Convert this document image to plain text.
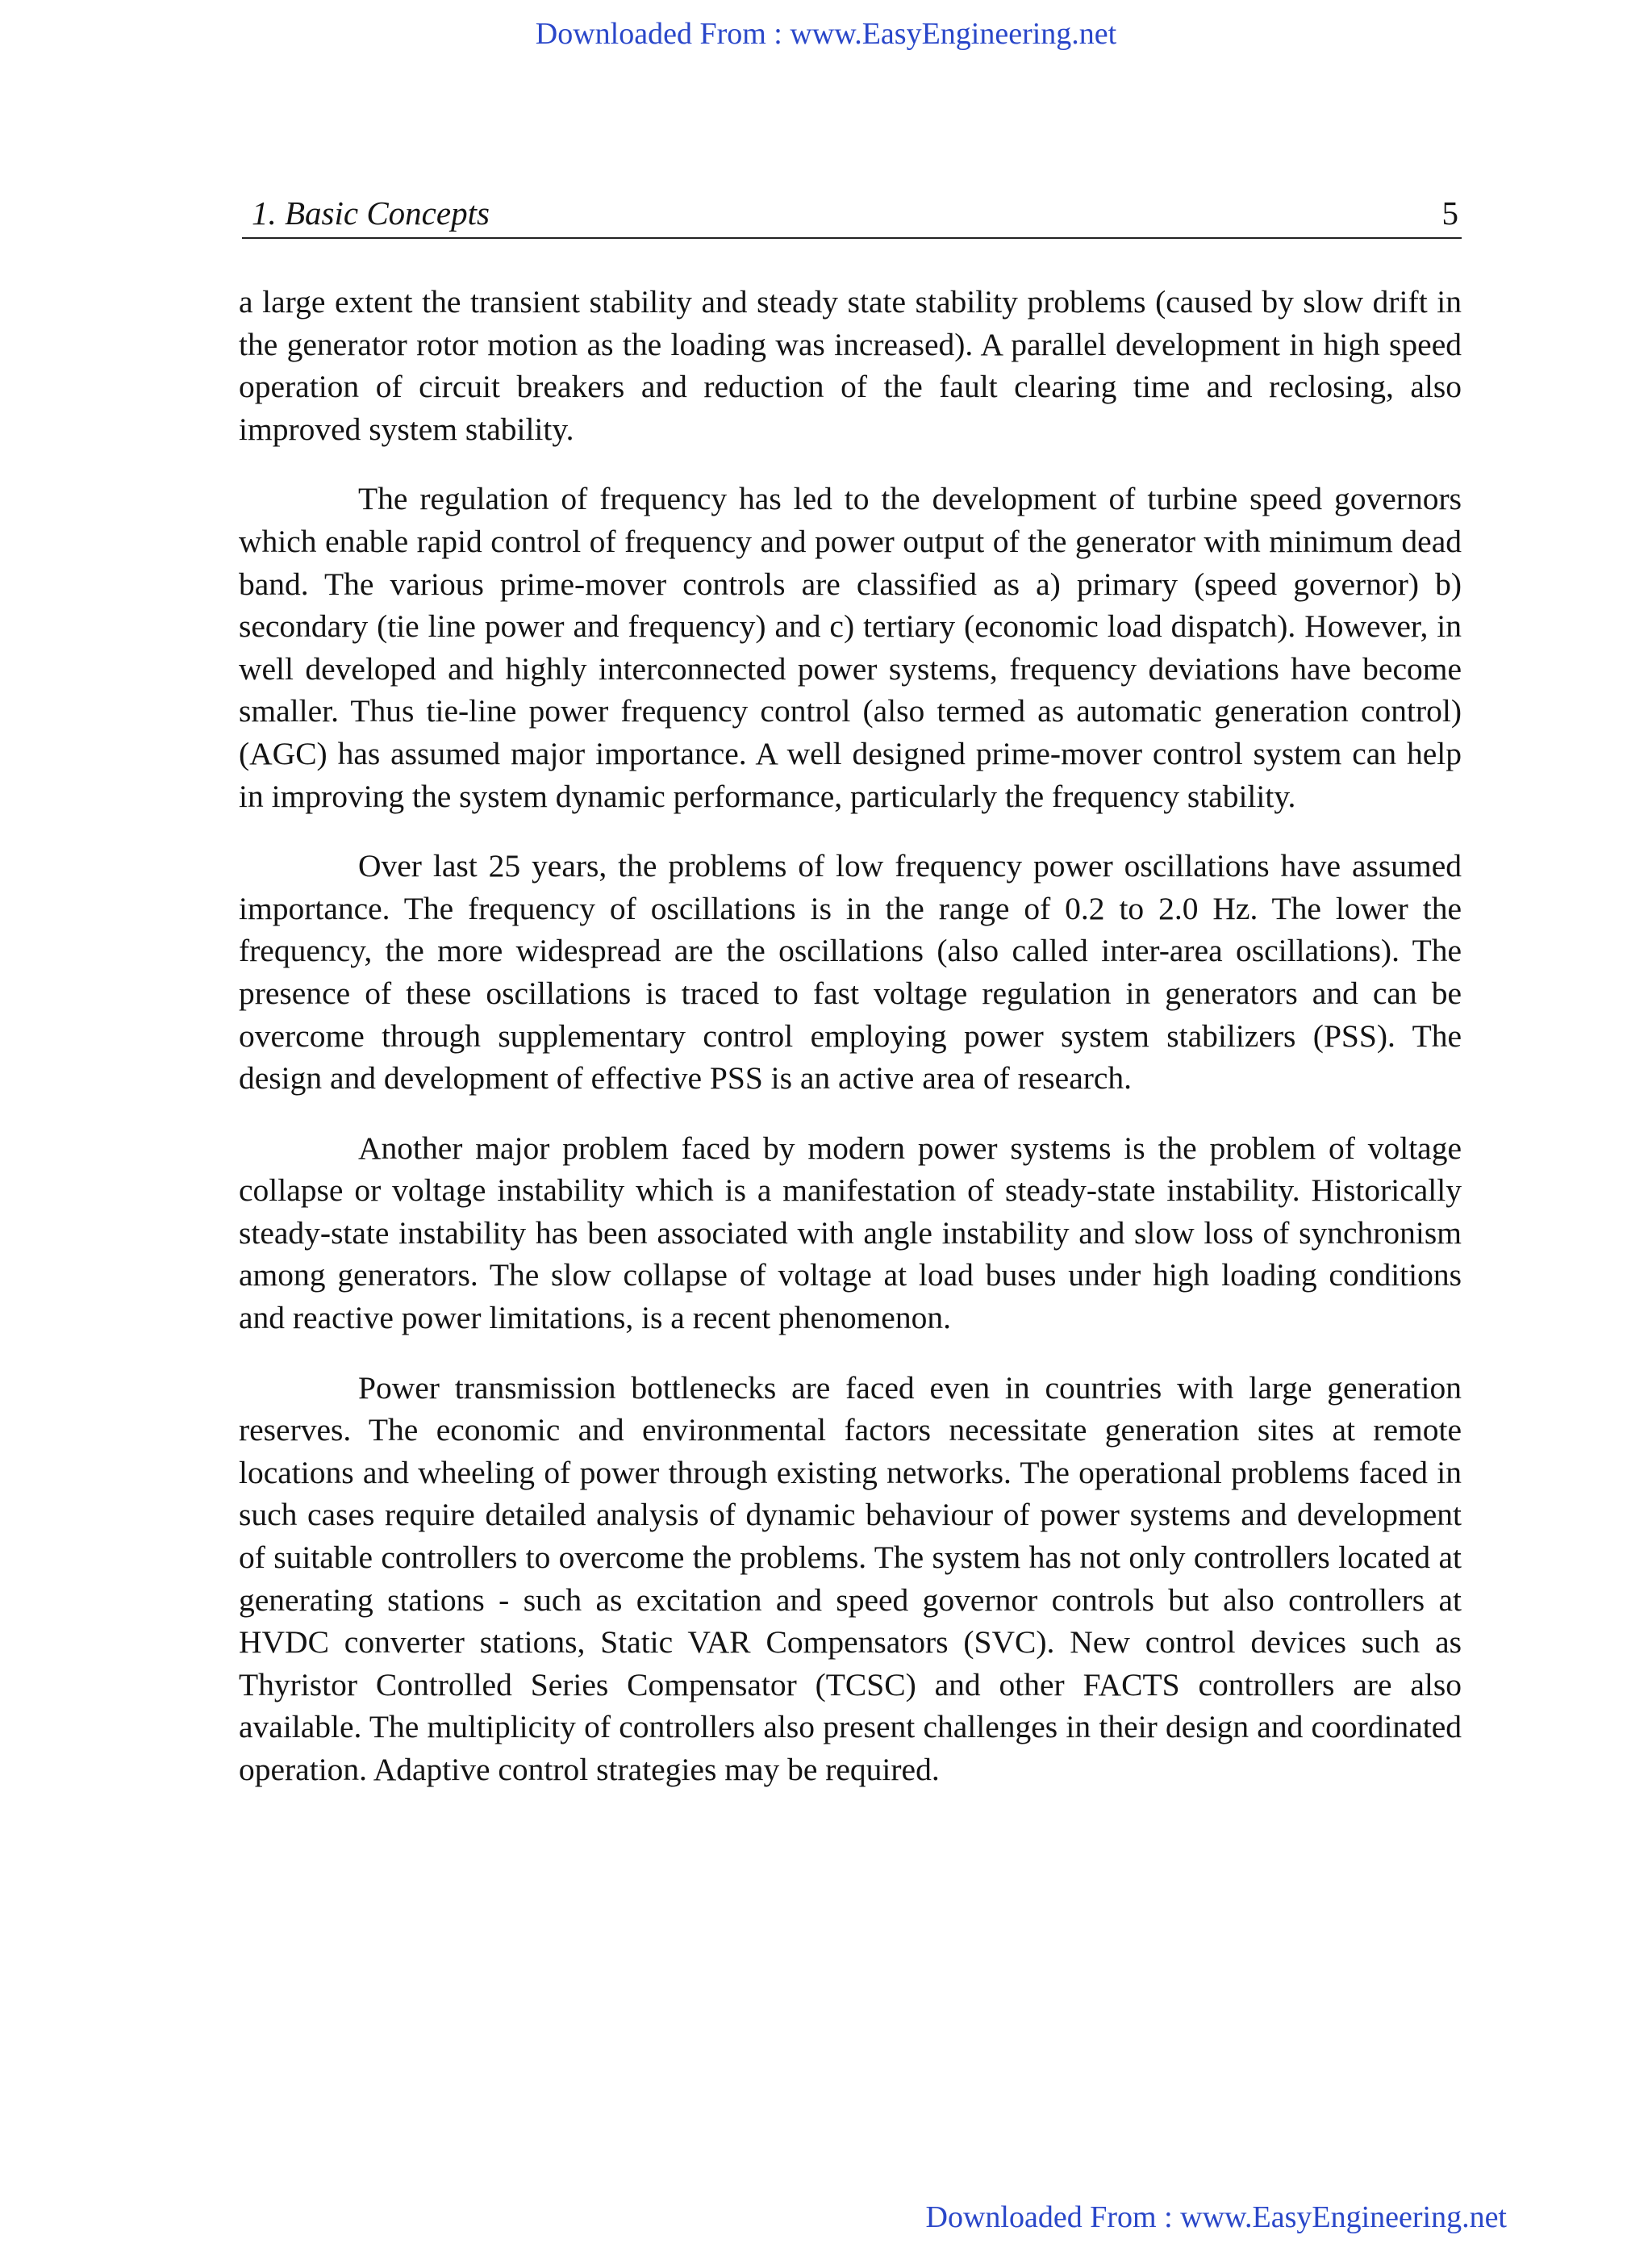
Downloaded From : www.EasyEngineering.net
1. Basic Concepts	5

a large extent the transient stability and steady state stability problems (caused by slow drift in the generator rotor motion as the loading was increased). A parallel development in high speed operation of circuit breakers and reduction of the fault clearing time and reclosing, also improved system stability.

The regulation of frequency has led to the development of turbine speed governors which enable rapid control of frequency and power output of the generator with minimum dead band. The various prime-mover controls are classified as a) primary (speed governor) b) secondary (tie line power and frequency) and c) tertiary (economic load dispatch). However, in well developed and highly interconnected power systems, frequency deviations have become smaller. Thus tie-line power frequency control (also termed as automatic generation control) (AGC) has assumed major importance. A well designed prime-mover control system can help in improving the system dynamic performance, particularly the frequency stability.

Over last 25 years, the problems of low frequency power oscillations have assumed importance. The frequency of oscillations is in the range of 0.2 to 2.0 Hz. The lower the frequency, the more widespread are the oscillations (also called inter-area oscillations). The presence of these oscillations is traced to fast voltage regulation in generators and can be overcome through supplementary control employing power system stabilizers (PSS). The design and development of effective PSS is an active area of research.

Another major problem faced by modern power systems is the problem of voltage collapse or voltage instability which is a manifestation of steady-state instability. Historically steady-state instability has been associated with angle instability and slow loss of synchronism among generators. The slow collapse of voltage at load buses under high loading conditions and reactive power limitations, is a recent phenomenon.

Power transmission bottlenecks are faced even in countries with large generation reserves. The economic and environmental factors necessitate generation sites at remote locations and wheeling of power through existing networks. The operational problems faced in such cases require detailed analysis of dynamic behaviour of power systems and development of suitable controllers to overcome the problems. The system has not only controllers located at generating stations - such as excitation and speed governor controls but also controllers at HVDC converter stations, Static VAR Compensators (SVC). New control devices such as Thyristor Controlled Series Compensator (TCSC) and other FACTS controllers are also available. The multiplicity of controllers also present challenges in their design and coordinated operation. Adaptive control strategies may be required.

Downloaded From : www.EasyEngineering.net
